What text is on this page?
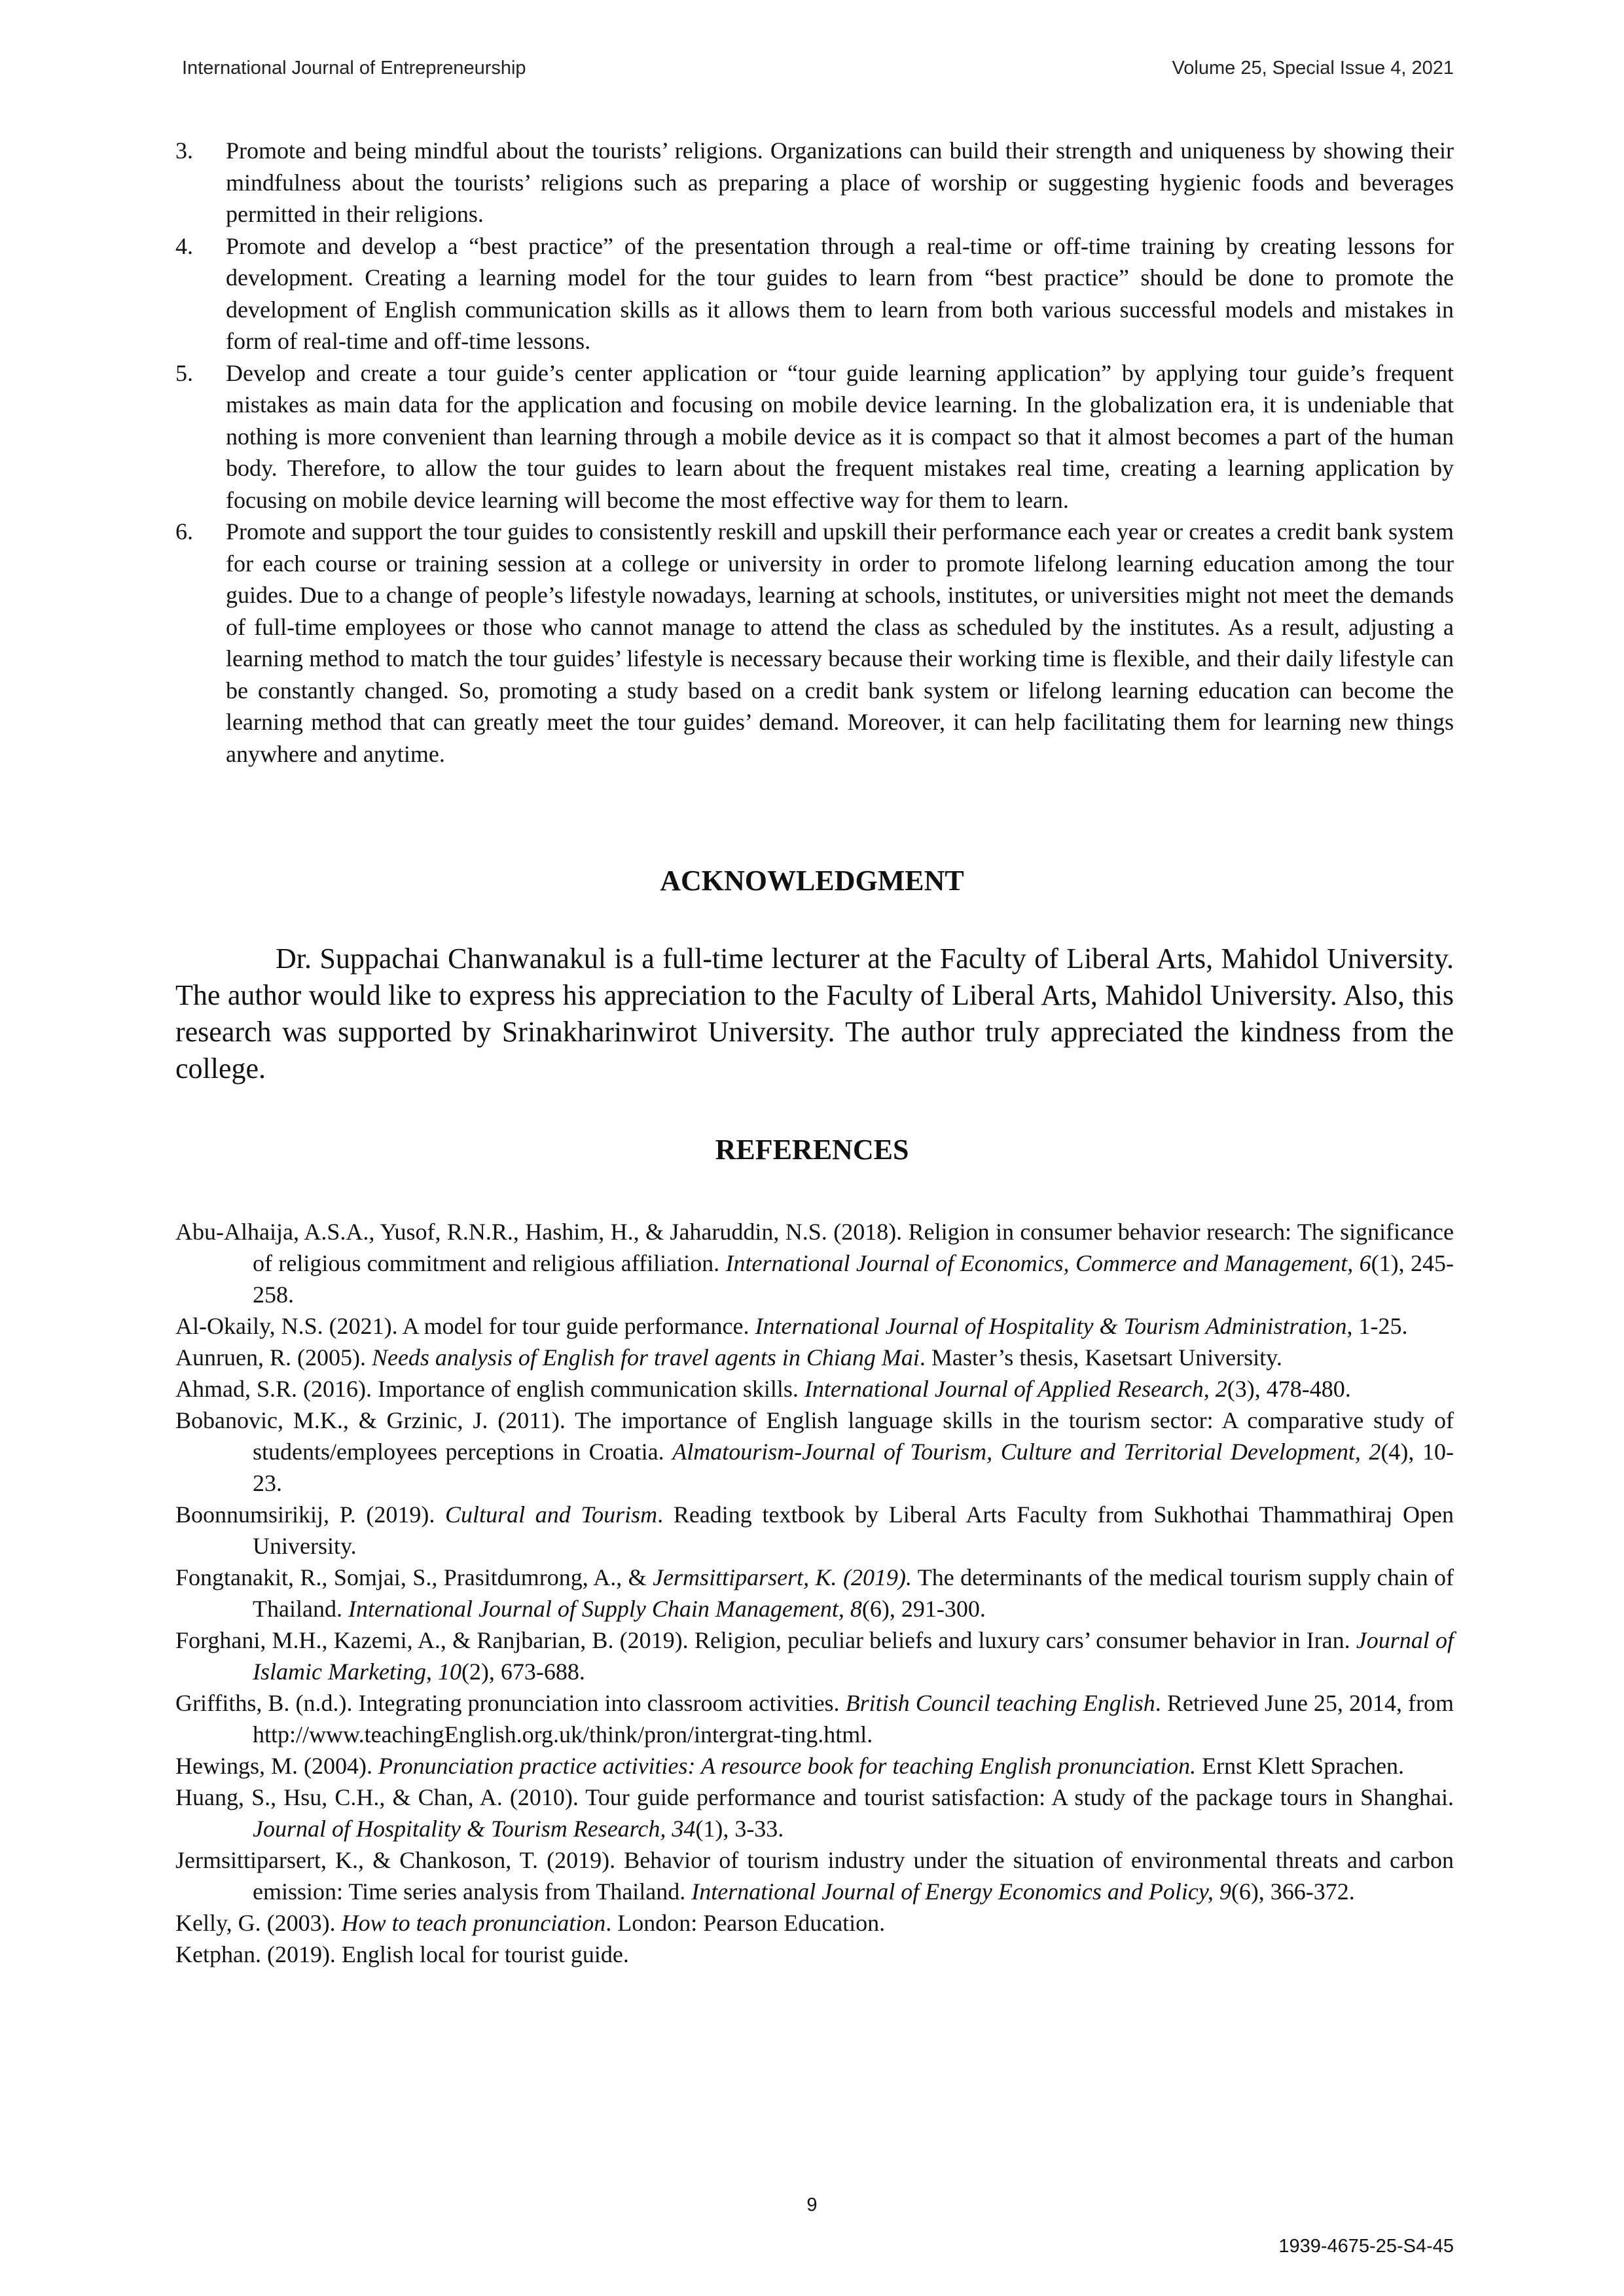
International Journal of Entrepreneurship	Volume 25, Special Issue 4, 2021
3. Promote and being mindful about the tourists’ religions. Organizations can build their strength and uniqueness by showing their mindfulness about the tourists’ religions such as preparing a place of worship or suggesting hygienic foods and beverages permitted in their religions.
4. Promote and develop a “best practice” of the presentation through a real-time or off-time training by creating lessons for development. Creating a learning model for the tour guides to learn from “best practice” should be done to promote the development of English communication skills as it allows them to learn from both various successful models and mistakes in form of real-time and off-time lessons.
5. Develop and create a tour guide’s center application or “tour guide learning application” by applying tour guide’s frequent mistakes as main data for the application and focusing on mobile device learning. In the globalization era, it is undeniable that nothing is more convenient than learning through a mobile device as it is compact so that it almost becomes a part of the human body. Therefore, to allow the tour guides to learn about the frequent mistakes real time, creating a learning application by focusing on mobile device learning will become the most effective way for them to learn.
6. Promote and support the tour guides to consistently reskill and upskill their performance each year or creates a credit bank system for each course or training session at a college or university in order to promote lifelong learning education among the tour guides. Due to a change of people’s lifestyle nowadays, learning at schools, institutes, or universities might not meet the demands of full-time employees or those who cannot manage to attend the class as scheduled by the institutes. As a result, adjusting a learning method to match the tour guides’ lifestyle is necessary because their working time is flexible, and their daily lifestyle can be constantly changed. So, promoting a study based on a credit bank system or lifelong learning education can become the learning method that can greatly meet the tour guides’ demand. Moreover, it can help facilitating them for learning new things anywhere and anytime.
ACKNOWLEDGMENT

Dr. Suppachai Chanwanakul is a full-time lecturer at the Faculty of Liberal Arts, Mahidol University. The author would like to express his appreciation to the Faculty of Liberal Arts, Mahidol University. Also, this research was supported by Srinakharinwirot University. The author truly appreciated the kindness from the college.

REFERENCES
Abu-Alhaija, A.S.A., Yusof, R.N.R., Hashim, H., & Jaharuddin, N.S. (2018). Religion in consumer behavior research: The significance of religious commitment and religious affiliation. International Journal of Economics, Commerce and Management, 6(1), 245-258.
Al-Okaily, N.S. (2021). A model for tour guide performance. International Journal of Hospitality & Tourism Administration, 1-25.
Aunruen, R. (2005). Needs analysis of English for travel agents in Chiang Mai. Master’s thesis, Kasetsart University.
Ahmad, S.R. (2016). Importance of english communication skills. International Journal of Applied Research, 2(3), 478-480.
Bobanovic, M.K., & Grzinic, J. (2011). The importance of English language skills in the tourism sector: A comparative study of students/employees perceptions in Croatia. Almatourism-Journal of Tourism, Culture and Territorial Development, 2(4), 10-23.
Boonnumsirikij, P. (2019). Cultural and Tourism. Reading textbook by Liberal Arts Faculty from Sukhothai Thammathiraj Open University.
Fongtanakit, R., Somjai, S., Prasitdumrong, A., & Jermsittiparsert, K. (2019). The determinants of the medical tourism supply chain of Thailand. International Journal of Supply Chain Management, 8(6), 291-300.
Forghani, M.H., Kazemi, A., & Ranjbarian, B. (2019). Religion, peculiar beliefs and luxury cars’ consumer behavior in Iran. Journal of Islamic Marketing, 10(2), 673-688.
Griffiths, B. (n.d.). Integrating pronunciation into classroom activities. British Council teaching English. Retrieved June 25, 2014, from http://www.teachingEnglish.org.uk/think/pron/intergrat-ting.html.
Hewings, M. (2004). Pronunciation practice activities: A resource book for teaching English pronunciation. Ernst Klett Sprachen.
Huang, S., Hsu, C.H., & Chan, A. (2010). Tour guide performance and tourist satisfaction: A study of the package tours in Shanghai. Journal of Hospitality & Tourism Research, 34(1), 3-33.
Jermsittiparsert, K., & Chankoson, T. (2019). Behavior of tourism industry under the situation of environmental threats and carbon emission: Time series analysis from Thailand. International Journal of Energy Economics and Policy, 9(6), 366-372.
Kelly, G. (2003). How to teach pronunciation. London: Pearson Education.
Ketphan. (2019). English local for tourist guide.
9
1939-4675-25-S4-45
